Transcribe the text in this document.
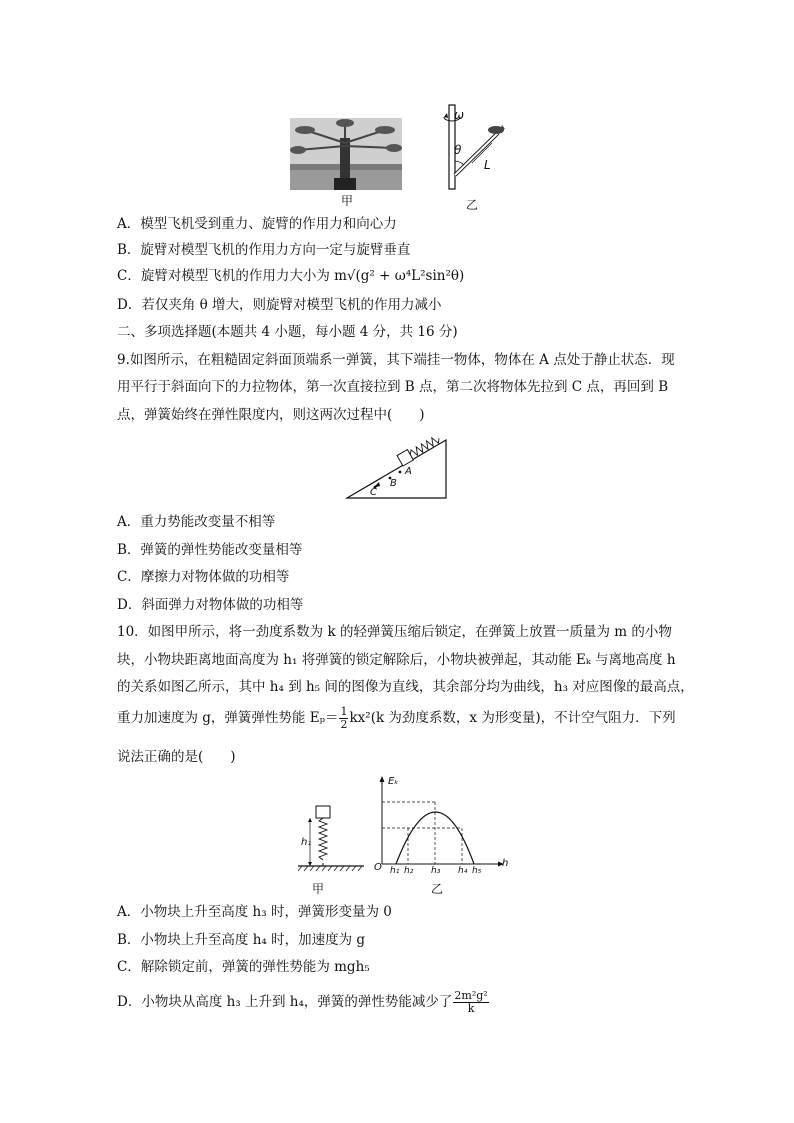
甲
ω
θ
L
乙
A．模型飞机受到重力、旋臂的作用力和向心力
B．旋臂对模型飞机的作用力方向一定与旋臂垂直
C．旋臂对模型飞机的作用力大小为 m√(g² + ω⁴L²sin²θ)
D．若仅夹角 θ 增大，则旋臂对模型飞机的作用力减小
二、多项选择题(本题共 4 小题，每小题 4 分，共 16 分)
9.如图所示，在粗糙固定斜面顶端系一弹簧，其下端挂一物体，物体在 A 点处于静止状态．现
用平行于斜面向下的力拉物体，第一次直接拉到 B 点，第二次将物体先拉到 C 点，再回到 B
点，弹簧始终在弹性限度内，则这两次过程中(　　)
A
B
C
A．重力势能改变量不相等
B．弹簧的弹性势能改变量相等
C．摩擦力对物体做的功相等
D．斜面弹力对物体做的功相等
10．如图甲所示，将一劲度系数为 k 的轻弹簧压缩后锁定，在弹簧上放置一质量为 m 的小物
块，小物块距离地面高度为 h₁ 将弹簧的锁定解除后，小物块被弹起，其动能 Eₖ 与离地高度 h
的关系如图乙所示，其中 h₄ 到 h₅ 间的图像为直线，其余部分均为曲线，h₃ 对应图像的最高点，
重力加速度为 g，弹簧弹性势能 $E_p= \frac{1}{2} kx^2(k$ 为劲度系数，x 为形变量)，不计空气阻力．下列
说法正确的是(　　)
h₁
甲
Eₖ
h
O h₁ h₂ h₃ h₄ h₅
乙
A．小物块上升至高度 h₃ 时，弹簧形变量为 0
B．小物块上升至高度 h₄ 时，加速度为 g
C．解除锁定前，弹簧的弹性势能为 mgh₅
D．小物块从高度 h₃ 上升到 h₄，弹簧的弹性势能减少了 $\frac{\text{2m²g²}}{k}$
